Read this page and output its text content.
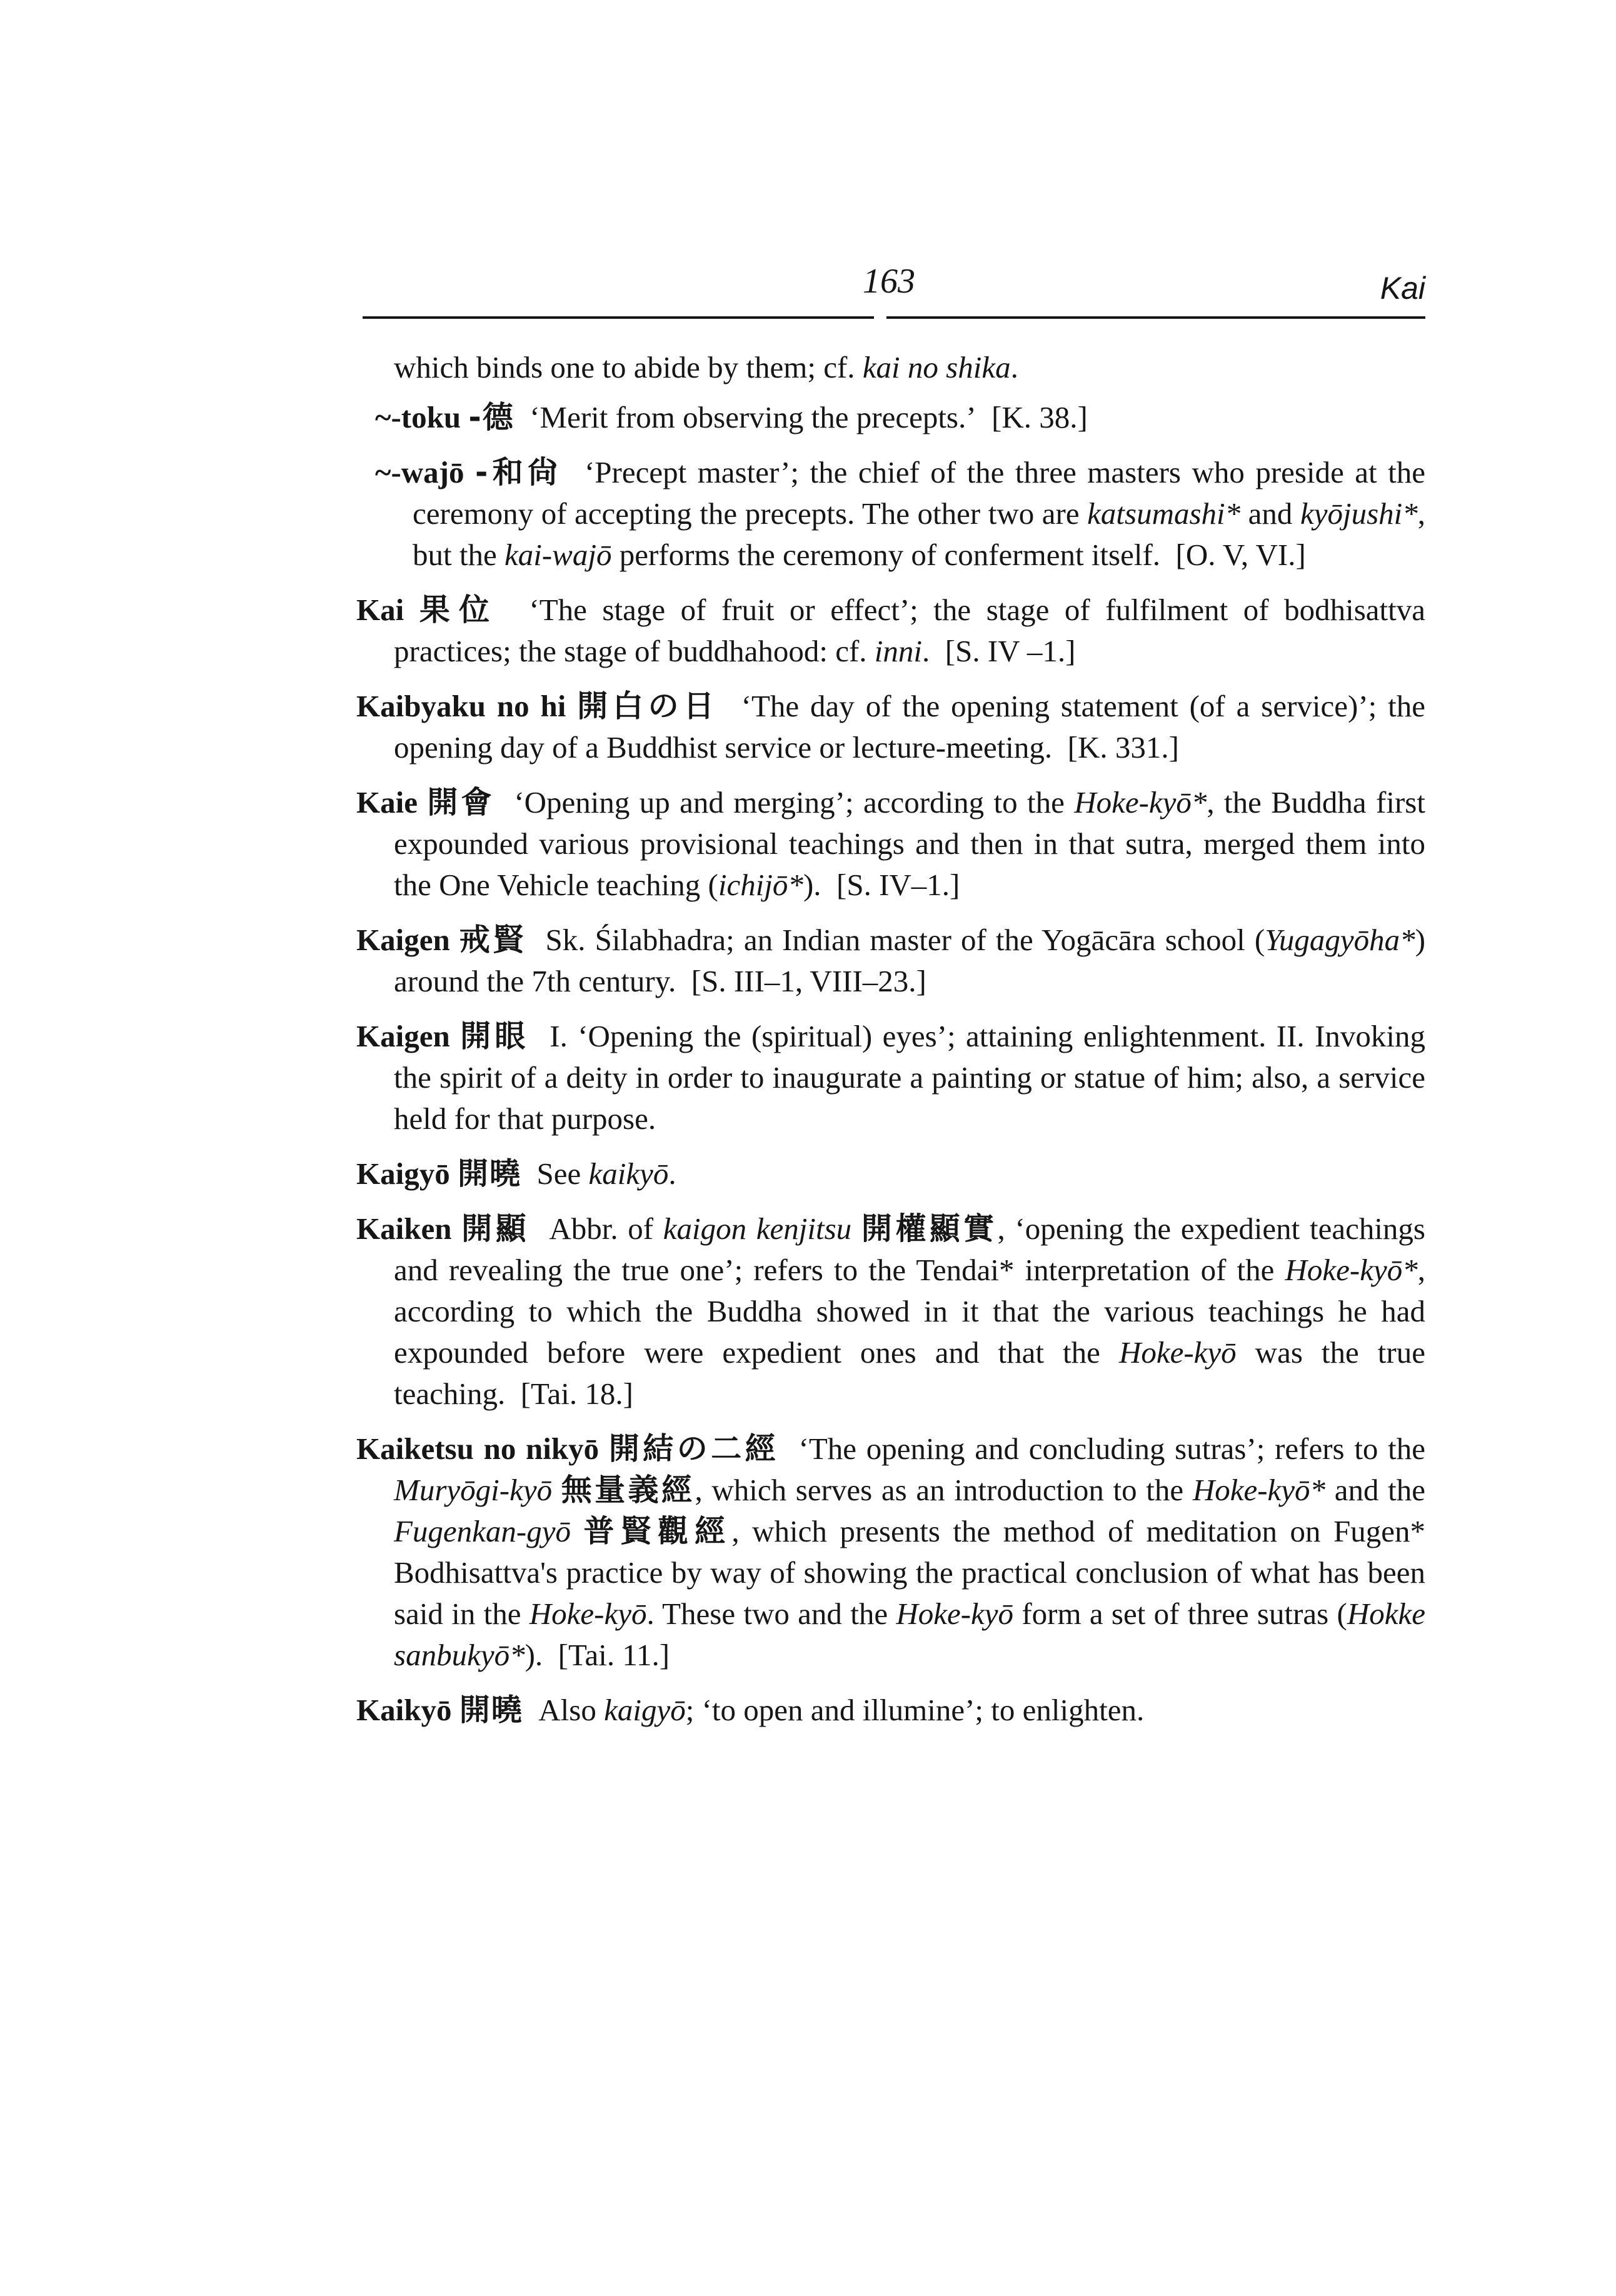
163	Kai

which binds one to abide by them; cf. kai no shika.

~-toku -德 ‘Merit from observing the precepts.’ [K. 38.]

~-wajō -和尙 ‘Precept master’; the chief of the three masters who preside at the ceremony of accepting the precepts. The other two are katsumashi* and kyōjushi*, but the kai-wajō performs the ceremony of conferment itself. [O. V, VI.]

Kai 果位 ‘The stage of fruit or effect’; the stage of fulfilment of bodhisattva practices; the stage of buddhahood: cf. inni. [S. IV –1.]

Kaibyaku no hi 開白の日 ‘The day of the opening statement (of a service)’; the opening day of a Buddhist service or lecture-meeting. [K. 331.]

Kaie 開會 ‘Opening up and merging’; according to the Hoke-kyō*, the Buddha first expounded various provisional teachings and then in that sutra, merged them into the One Vehicle teaching (ichijō*). [S. IV–1.]

Kaigen 戒賢 Sk. Śilabhadra; an Indian master of the Yogācāra school (Yugagyōha*) around the 7th century. [S. III–1, VIII–23.]

Kaigen 開眼 I. ‘Opening the (spiritual) eyes’; attaining enlightenment. II. Invoking the spirit of a deity in order to inaugurate a painting or statue of him; also, a service held for that purpose.

Kaigyō 開曉 See kaikyō.

Kaiken 開顯 Abbr. of kaigon kenjitsu 開權顯實, ‘opening the expedient teachings and revealing the true one’; refers to the Tendai* interpretation of the Hoke-kyō*, according to which the Buddha showed in it that the various teachings he had expounded before were expedient ones and that the Hoke-kyō was the true teaching. [Tai. 18.]

Kaiketsu no nikyō 開結の二經 ‘The opening and concluding sutras’; refers to the Muryōgi-kyō 無量義經, which serves as an introduction to the Hoke-kyō* and the Fugenkan-gyō 普賢觀經, which presents the method of meditation on Fugen* Bodhisattva's practice by way of showing the practical conclusion of what has been said in the Hoke-kyō. These two and the Hoke-kyō form a set of three sutras (Hokke sanbukyō*). [Tai. 11.]

Kaikyō 開曉 Also kaigyō; ‘to open and illumine’; to enlighten.
